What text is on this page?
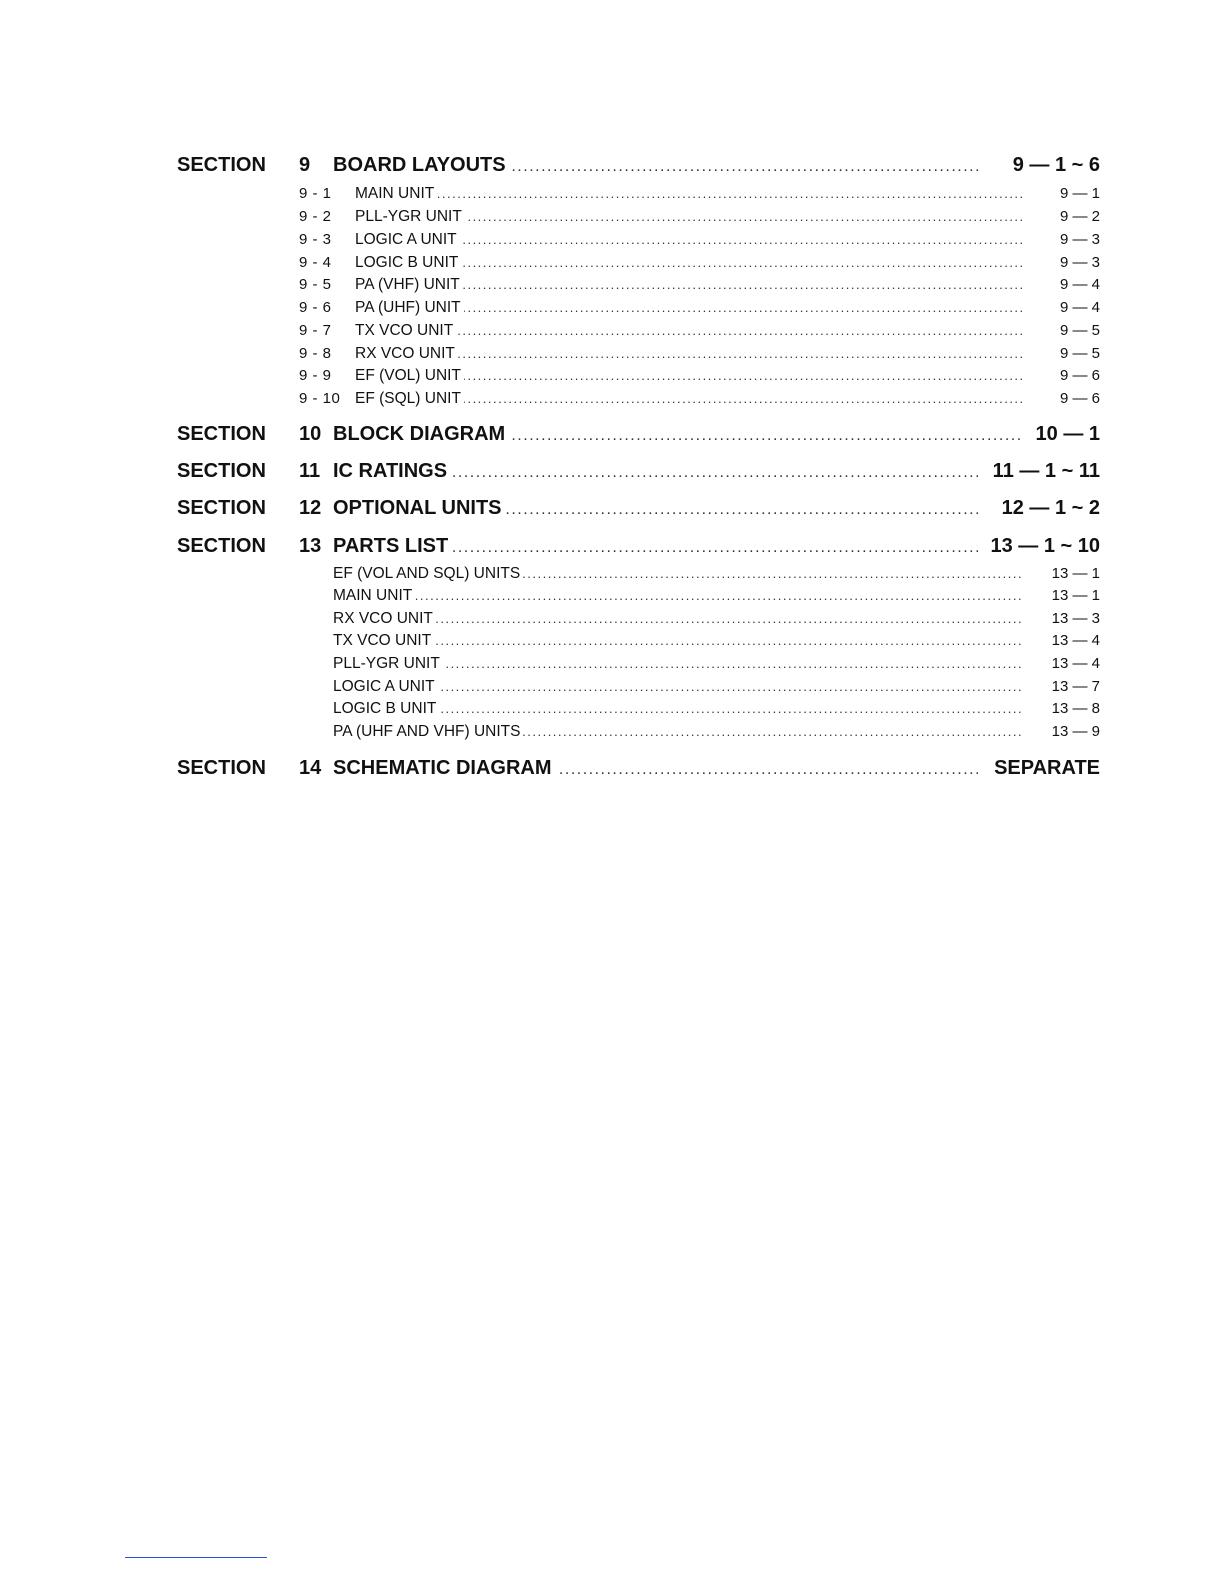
SECTION 9 ..... BOARD LAYOUTS	9 — 1 ~ 6
9 - 1 ..... MAIN UNIT	9 — 1
9 - 2 ..... PLL-YGR UNIT	9 — 2
9 - 3 ..... LOGIC A UNIT	9 — 3
9 - 4 ..... LOGIC B UNIT	9 — 3
9 - 5 ..... PA (VHF) UNIT	9 — 4
9 - 6 ..... PA (UHF) UNIT	9 — 4
9 - 7 ..... TX VCO UNIT	9 — 5
9 - 8 ..... RX VCO UNIT	9 — 5
9 - 9 ..... EF (VOL) UNIT	9 — 6
9 - 10 ..... EF (SQL) UNIT	9 — 6
SECTION 10 ..... BLOCK DIAGRAM	10 — 1
SECTION 11 ..... IC RATINGS	11 — 1 ~ 11
SECTION 12 ..... OPTIONAL UNITS	12 — 1 ~ 2
SECTION 13 ..... PARTS LIST	13 — 1 ~ 10
.....
EF (VOL AND SQL) UNITS	13 — 1
.....
MAIN UNIT	13 — 1
.....
RX VCO UNIT	13 — 3
.....
TX VCO UNIT	13 — 4
.....
PLL-YGR UNIT	13 — 4
.....
LOGIC A UNIT	13 — 7
.....
LOGIC B UNIT	13 — 8
.....
PA (UHF AND VHF) UNITS	13 — 9
SECTION 14 ..... SCHEMATIC DIAGRAM	SEPARATE
